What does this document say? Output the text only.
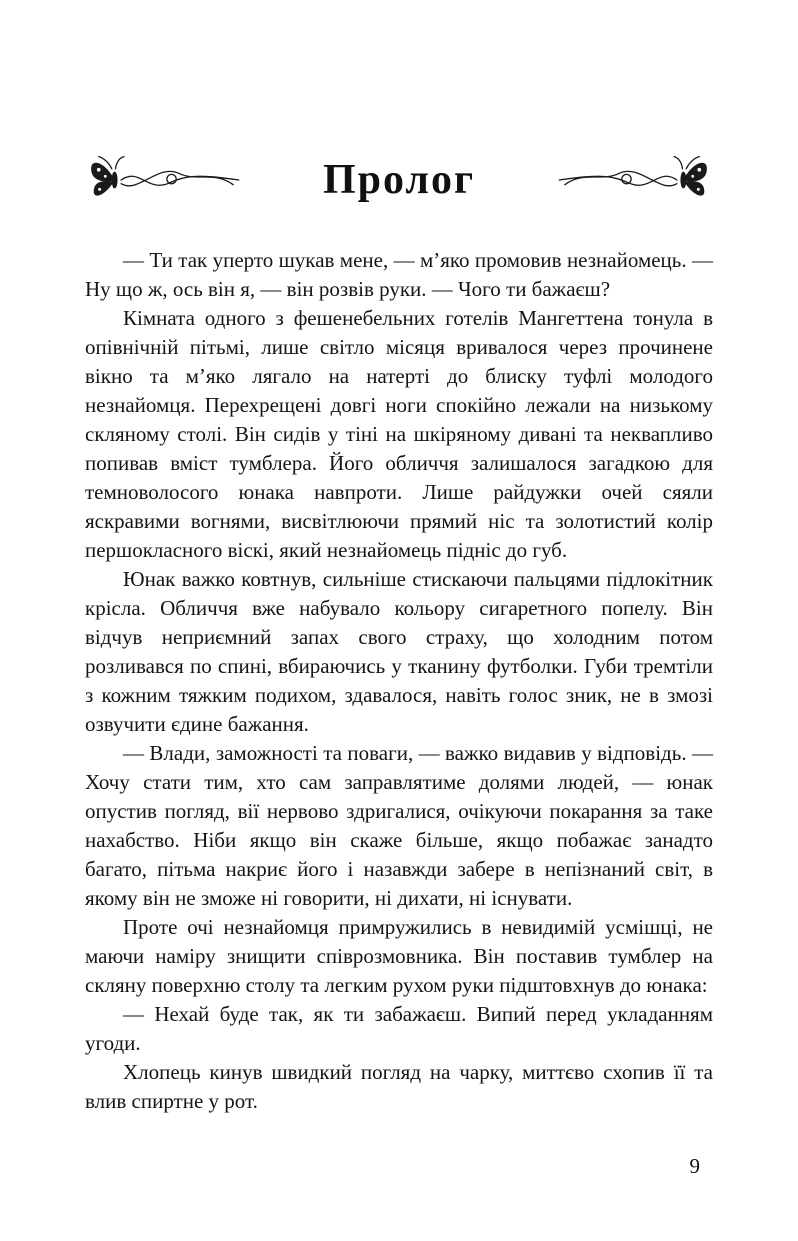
Пролог

— Ти так уперто шукав мене, — м’яко промовив незнайомець. — Ну що ж, ось він я, — він розвів руки. — Чого ти бажаєш?

Кімната одного з фешенебельних готелів Мангеттена тонула в опівнічній пітьмі, лише світло місяця вривалося через прочинене вікно та м’яко лягало на натерті до блиску туфлі молодого незнайомця. Перехрещені довгі ноги спокійно лежали на низькому скляному столі. Він сидів у тіні на шкіряному дивані та неквапливо попивав вміст тумблера. Його обличчя залишалося загадкою для темноволосого юнака навпроти. Лише райдужки очей сяяли яскравими вогнями, висвітлюючи прямий ніс та золотистий колір першокласного віскі, який незнайомець підніс до губ.

Юнак важко ковтнув, сильніше стискаючи пальцями підлокітник крісла. Обличчя вже набувало кольору сигаретного попелу. Він відчув неприємний запах свого страху, що холодним потом розливався по спині, вбираючись у тканину футболки. Губи тремтіли з кожним тяжким подихом, здавалося, навіть голос зник, не в змозі озвучити єдине бажання.

— Влади, заможності та поваги, — важко видавив у відповідь. — Хочу стати тим, хто сам заправлятиме долями людей, — юнак опустив погляд, вії нервово здригалися, очікуючи покарання за таке нахабство. Ніби якщо він скаже більше, якщо побажає занадто багато, пітьма накриє його і назавжди забере в непізнаний світ, в якому він не зможе ні говорити, ні дихати, ні існувати.

Проте очі незнайомця примружились в невидимій усмішці, не маючи наміру знищити співрозмовника. Він поставив тумблер на скляну поверхню столу та легким рухом руки підштовхнув до юнака:

— Нехай буде так, як ти забажаєш. Випий перед укладанням угоди.

Хлопець кинув швидкий погляд на чарку, миттєво схопив її та влив спиртне у рот.

9
